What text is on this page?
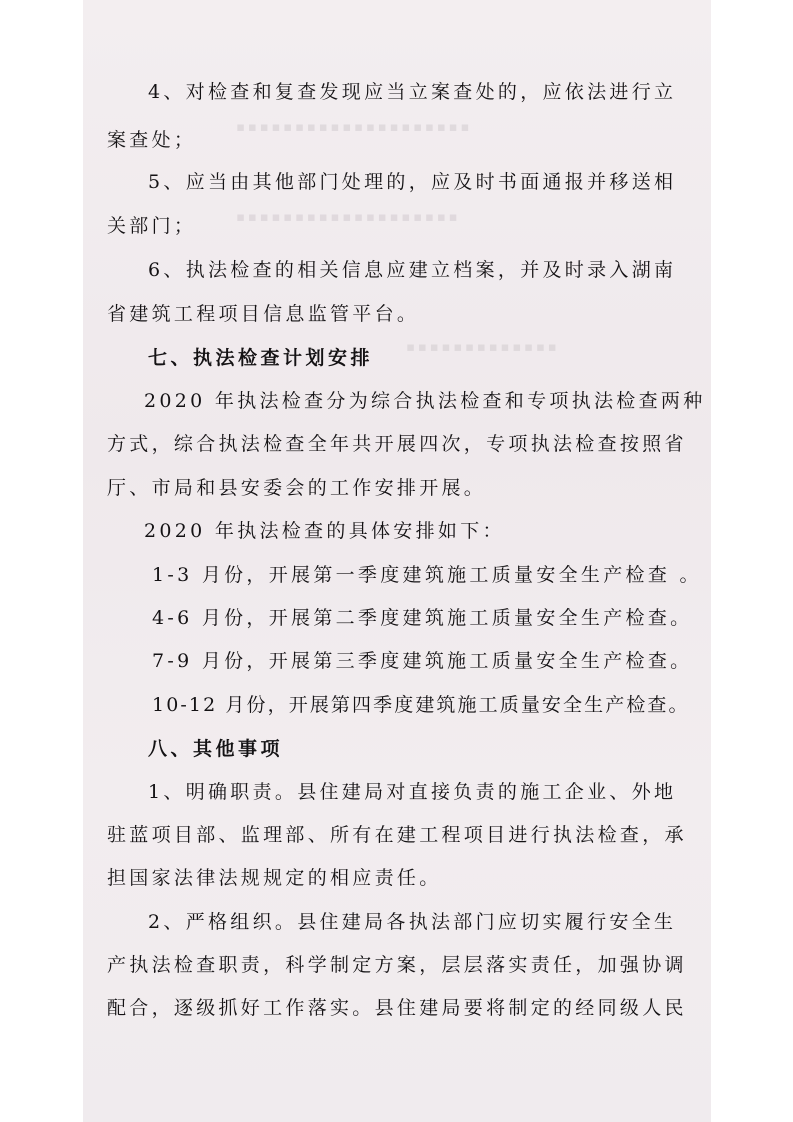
▪▪▪▪▪▪▪▪▪▪▪▪▪▪▪▪▪▪▪▪
▪▪▪▪▪▪▪▪▪▪▪▪▪▪▪▪▪▪▪
▪▪▪▪▪▪▪▪▪▪▪▪▪

4、对检查和复查发现应当立案查处的，应依法进行立

案查处；

5、应当由其他部门处理的，应及时书面通报并移送相

关部门；

6、执法检查的相关信息应建立档案，并及时录入湖南

省建筑工程项目信息监管平台。

七、执法检查计划安排

2020 年执法检查分为综合执法检查和专项执法检查两种

方式，综合执法检查全年共开展四次，专项执法检查按照省

厅、市局和县安委会的工作安排开展。

2020 年执法检查的具体安排如下：

1-3 月份，开展第一季度建筑施工质量安全生产检查 。

4-6 月份，开展第二季度建筑施工质量安全生产检查。

7-9 月份，开展第三季度建筑施工质量安全生产检查。

10-12 月份，开展第四季度建筑施工质量安全生产检查。

八、其他事项

1、明确职责。县住建局对直接负责的施工企业、外地

驻蓝项目部、监理部、所有在建工程项目进行执法检查，承

担国家法律法规规定的相应责任。

2、严格组织。县住建局各执法部门应切实履行安全生

产执法检查职责，科学制定方案，层层落实责任，加强协调

配合，逐级抓好工作落实。县住建局要将制定的经同级人民
